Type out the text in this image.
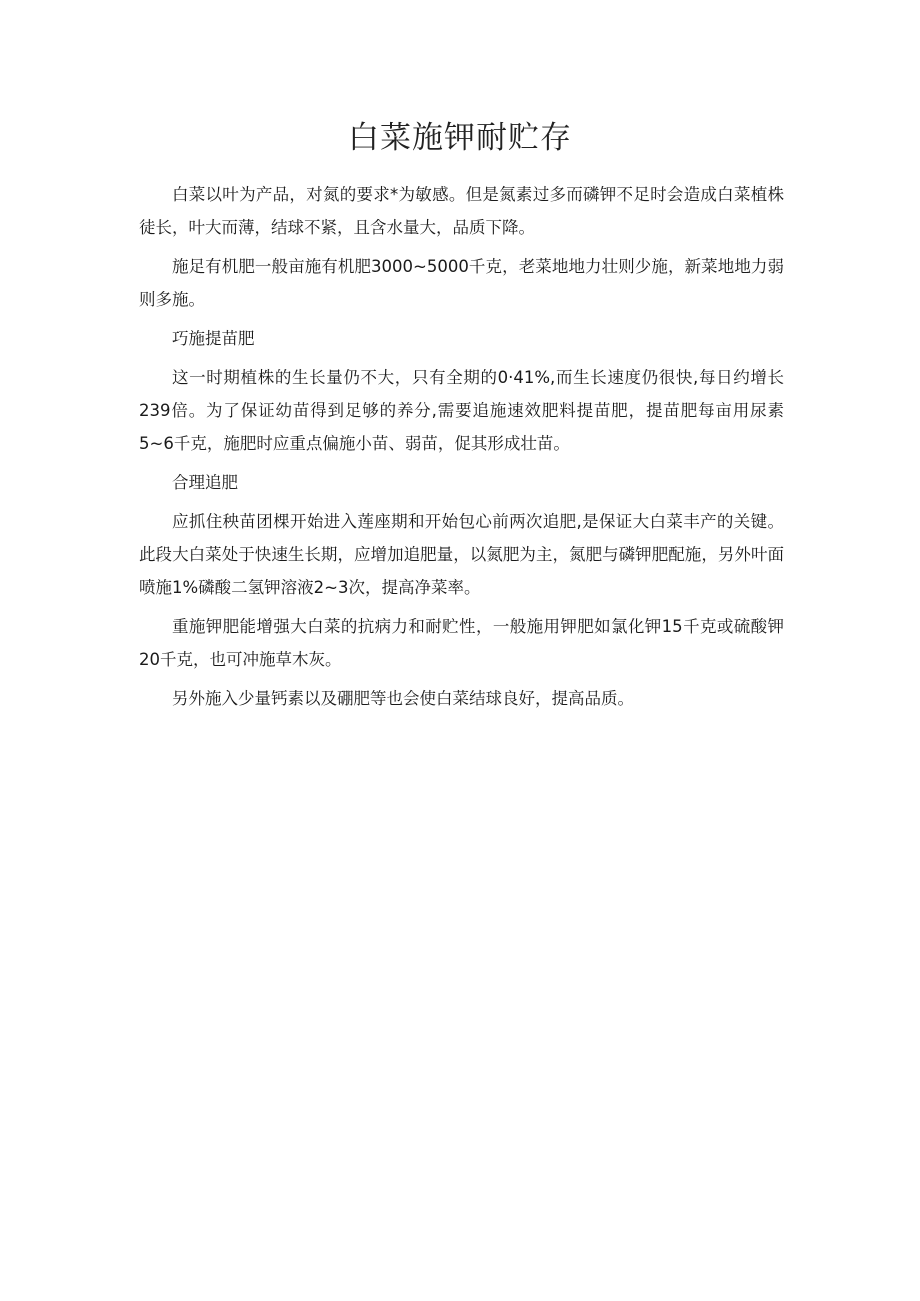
白菜施钾耐贮存

白菜以叶为产品，对氮的要求*为敏感。但是氮素过多而磷钾不足时会造成白菜植株徒长，叶大而薄，结球不紧，且含水量大，品质下降。

施足有机肥一般亩施有机肥3000~5000千克，老菜地地力壮则少施，新菜地地力弱则多施。

巧施提苗肥

这一时期植株的生长量仍不大，只有全期的0·41%,而生长速度仍很快,每日约增长239倍。为了保证幼苗得到足够的养分,需要追施速效肥料提苗肥，提苗肥每亩用尿素5~6千克，施肥时应重点偏施小苗、弱苗，促其形成壮苗。

合理追肥

应抓住秧苗团棵开始进入莲座期和开始包心前两次追肥,是保证大白菜丰产的关键。此段大白菜处于快速生长期，应增加追肥量，以氮肥为主，氮肥与磷钾肥配施，另外叶面喷施1%磷酸二氢钾溶液2~3次，提高净菜率。

重施钾肥能增强大白菜的抗病力和耐贮性，一般施用钾肥如氯化钾15千克或硫酸钾20千克，也可冲施草木灰。

另外施入少量钙素以及硼肥等也会使白菜结球良好，提高品质。
